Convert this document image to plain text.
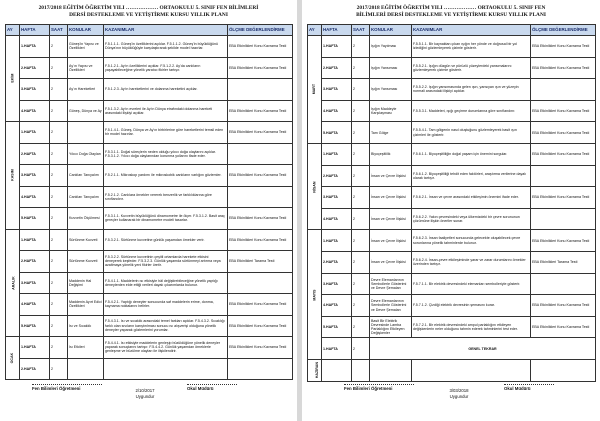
2017/2018 EĞİTİM ÖĞRETİM YILI ……………… ORTAOKULU 5. SINIF FEN BİLİMLERİ
DERSİ DESTEKLEME VE YETİŞTİRME KURSU YILLIK PLANI
AY	HAFTA	SAAT	KONULAR	KAZANIMLAR	ÖLÇME DEĞERLENDİRME
EKİM	1.HAFTA	2	Güneş'in Yapısı ve Özellikleri	F.5.1.1.1. Güneş'in özelliklerini açıklar. F.5.1.1.2. Güneş'in büyüklüğünü Dünya'nın büyüklüğüyle karşılaştırarak şekilde model hazırlar.	EBA Etkinlikleri Konu Kavrama Testi
	2.HAFTA	2	Ay'ın Yapısı ve Özellikleri	F.5.1.2.1. Ay'ın özelliklerini açıklar. F.5.1.2.2. Ay'da canlıların yaşayabileceğine yönelik yaratıcı fikirler tartışır.	EBA Etkinlikleri Konu Kavrama Testi
	3.HAFTA	2	Ay'ın Hareketleri	F.5.1.2.3. Ay'ın hareketlerini ve dolanma hareketini açıklar.	
	4.HAFTA	2	Güneş, Dünya ve Ay	F.5.1.3.2. Ay'ın evreleri ile Ay'ın Dünya etrafındaki dolanma hareketi arasındaki ilişkiyi açıklar.	EBA Etkinlikleri Konu Kavrama Testi
KASIM	1.HAFTA	2		F.5.1.4.1. Güneş, Dünya ve Ay'ın birbirlerine göre hareketlerini temsil eden bir model hazırlar.	EBA Etkinlikleri Konu Kavrama Testi
	2.HAFTA	2	Yıkıcı Doğa Olayları	F.5.3.1.1. Doğal süreçlerin neden olduğu yıkıcı doğa olaylarını açıklar. F.5.3.1.2. Yıkıcı doğa olaylarından korunma yollarını ifade eder.	
	3.HAFTA	2	Canlıları Tanıyalım	F.5.2.1.1. Mikroskop yardımı ile mikroskobik canlıların varlığını gözlemler.	EBA Etkinlikleri Konu Kavrama Testi
	4.HAFTA	2	Canlıları Tanıyalım	F.5.2.1.2. Canlılara örnekler vererek benzerlik ve farklılıklarına göre sınıflandırır.	
	5.HAFTA	2	Kuvvetin Ölçülmesi	F.5.3.1.1. Kuvvetin büyüklüğünü dinamometre ile ölçer. F.5.3.1.2. Basit araç gereçler kullanarak bir dinamometre modeli tasarlar.	EBA Etkinlikleri Konu Kavrama Testi
ARALIK	1.HAFTA	2	Sürtünme Kuvveti	F.5.3.2.1. Sürtünme kuvvetine günlük yaşamdan örnekler verir.	EBA Etkinlikleri Konu Kavrama Testi
	2.HAFTA	2	Sürtünme Kuvveti	F.5.3.2.2. Sürtünme kuvvetinin çeşitli ortamlarda harekete etkisini deneyerek keşfeder. F.5.3.2.3. Günlük yaşamda sürtünmeyi artırma veya azaltmaya yönelik yeni fikirler üretir.	EBA Etkinlikleri Tarama Testi
	3.HAFTA	2	Maddenin Hal Değişimi	F.5.4.1.1. Maddelerin ısı etkisiyle hâl değiştirebileceğine yönelik yaptığı deneylerden elde ettiği verileri dayalı çıkarımlarda bulunur.	
	4.HAFTA	2	Maddenin Ayırt Edici Özellikleri	F.5.4.2.1. Yaptığı deneyler sonucunda saf maddelerin erime, donma, kaynama noktalarını belirler.	EBA Etkinlikleri Konu Kavrama Testi
	5.HAFTA	2	Isı ve Sıcaklık	F.5.4.3.1. Isı ve sıcaklık arasındaki temel farkları açıklar. F.5.4.3.2. Sıcaklığı farklı olan sıvıların karıştırılması sonucu ısı alışverişi olduğuna yönelik deneyler yaparak gözlemlerini yorumlar.	EBA Etkinlikleri Konu Kavrama Testi
OCAK	1.HAFTA	2	Isı Etkileri	F.5.4.4.1. Isı etkisiyle maddelerin genleşip büzüldüğüne yönelik deneyler yaparak sonuçlarını tartışır. F.5.4.4.2. Günlük yaşamdan örneklerle genleşme ve büzülme olayları ile ilişkilendirir.	EBA Etkinlikleri Konu Kavrama Testi
	2.HAFTA	2			
Fen Bilimleri Öğretmeni	2/10/2017
Uygundur
Okul Müdürü
2017/2018 EĞİTİM ÖĞRETİM YILI ……………… ORTAOKULU 5. SINIF FEN
BİLİMLERİ DERSİ DESTEKLEME VE YETİŞTİRME KURSU YILLIK PLANI
AY	HAFTA	SAAT	KONULAR	KAZANIMLAR	ÖLÇME DEĞERLENDİRME
MART	1.HAFTA	2	Işığın Yayılması	F.5.5.1.1. Bir kaynaktan çıkan ışığın her yönde ve doğrusal bir yol izlediğini gözlemleyerek çizimle gösterir.	EBA Etkinlikleri Konu Kavrama Testi
	2.HAFTA	2	Işığın Yansıması	F.5.5.2.1. Işığın düzgün ve pürüzlü yüzeylerdeki yansımalarını gözlemleyerek çizimle gösterir.	EBA Etkinlikleri Konu Kavrama Testi
	3.HAFTA	2	Işığın Yansıması	F.5.5.2.2. Işığın yansımasında gelen ışın, yansıyan ışın ve yüzeyin normali arasındaki ilişkiyi açıklar.	
	4.HAFTA	2	Işığın Maddeyle Karşılaşması	F.5.5.3.1. Maddeleri, ışığı geçirme durumlarına göre sınıflandırır.	EBA Etkinlikleri Konu Kavrama Testi
	5.HAFTA	2	Tam Gölge	F.5.5.4.1. Tam gölgenin nasıl oluştuğunu gözlemleyerek basit ışın çizimleri ile gösterir.	EBA Etkinlikleri Konu Kavrama Testi
NİSAN	1.HAFTA	2	Biyoçeşitlilik	F.5.6.1.1. Biyoçeşitliliğin doğal yaşam için önemini sorgular.	EBA Etkinlikleri Konu Kavrama Testi
	2.HAFTA	2	İnsan ve Çevre İlişkisi	F.5.6.1.2. Biyoçeşitliliği tehdit eden faktörleri, araştırma verilerine dayalı olarak tartışır.	
	3.HAFTA	2	İnsan ve Çevre İlişkisi	F.5.6.2.1. İnsan ve çevre arasındaki etkileşimin önemini ifade eder.	EBA Etkinlikleri Konu Kavrama Testi
	4.HAFTA	2	İnsan ve Çevre İlişkisi	F.5.6.2.2. Yakın çevresindeki veya ülkemizdeki bir çevre sorununun çözümüne ilişkin öneriler sunar.	
MAYIS	1.HAFTA	2	İnsan ve Çevre İlişkisi	F.5.6.2.3. İnsan faaliyetleri sonucunda gelecekte oluşabilecek çevre sorunlarına yönelik tahminlerde bulunur.	EBA Etkinlikleri Konu Kavrama Testi
	2.HAFTA	2	İnsan ve Çevre İlişkisi	F.5.6.2.4. İnsan-çevre etkileşiminde yarar ve zarar durumlarını örnekler üzerinden tartışır.	EBA Etkinlikleri Tarama Testi
	3.HAFTA	2	Devre Elemanlarının Sembollerle Gösterimi ve Devre Şemaları	F.5.7.1.1. Bir elektrik devresindeki elemanları sembolleriyle gösterir.	
	4.HAFTA	2	Devre Elemanlarının Sembollerle Gösterimi ve Devre Şemaları	F.5.7.1.2. Çizdiği elektrik devresinin şemasını kurar.	EBA Etkinlikleri Konu Kavrama Testi
	5.HAFTA	2	Basit Bir Elektrik Devresinde Lamba Parlaklığını Etkileyen Değişkenler	F.5.7.2.1. Bir elektrik devresindeki ampul parlaklığını etkileyen değişkenlerin neler olduğunu tahmin ederek tahminlerini test eder.	EBA Etkinlikleri Konu Kavrama Testi
	1.HAFTA	2	GENEL TEKRAR		
HAZİRAN					
Fen Bilimleri Öğretmeni	3/03/2018
Uygundur
Okul Müdürü
